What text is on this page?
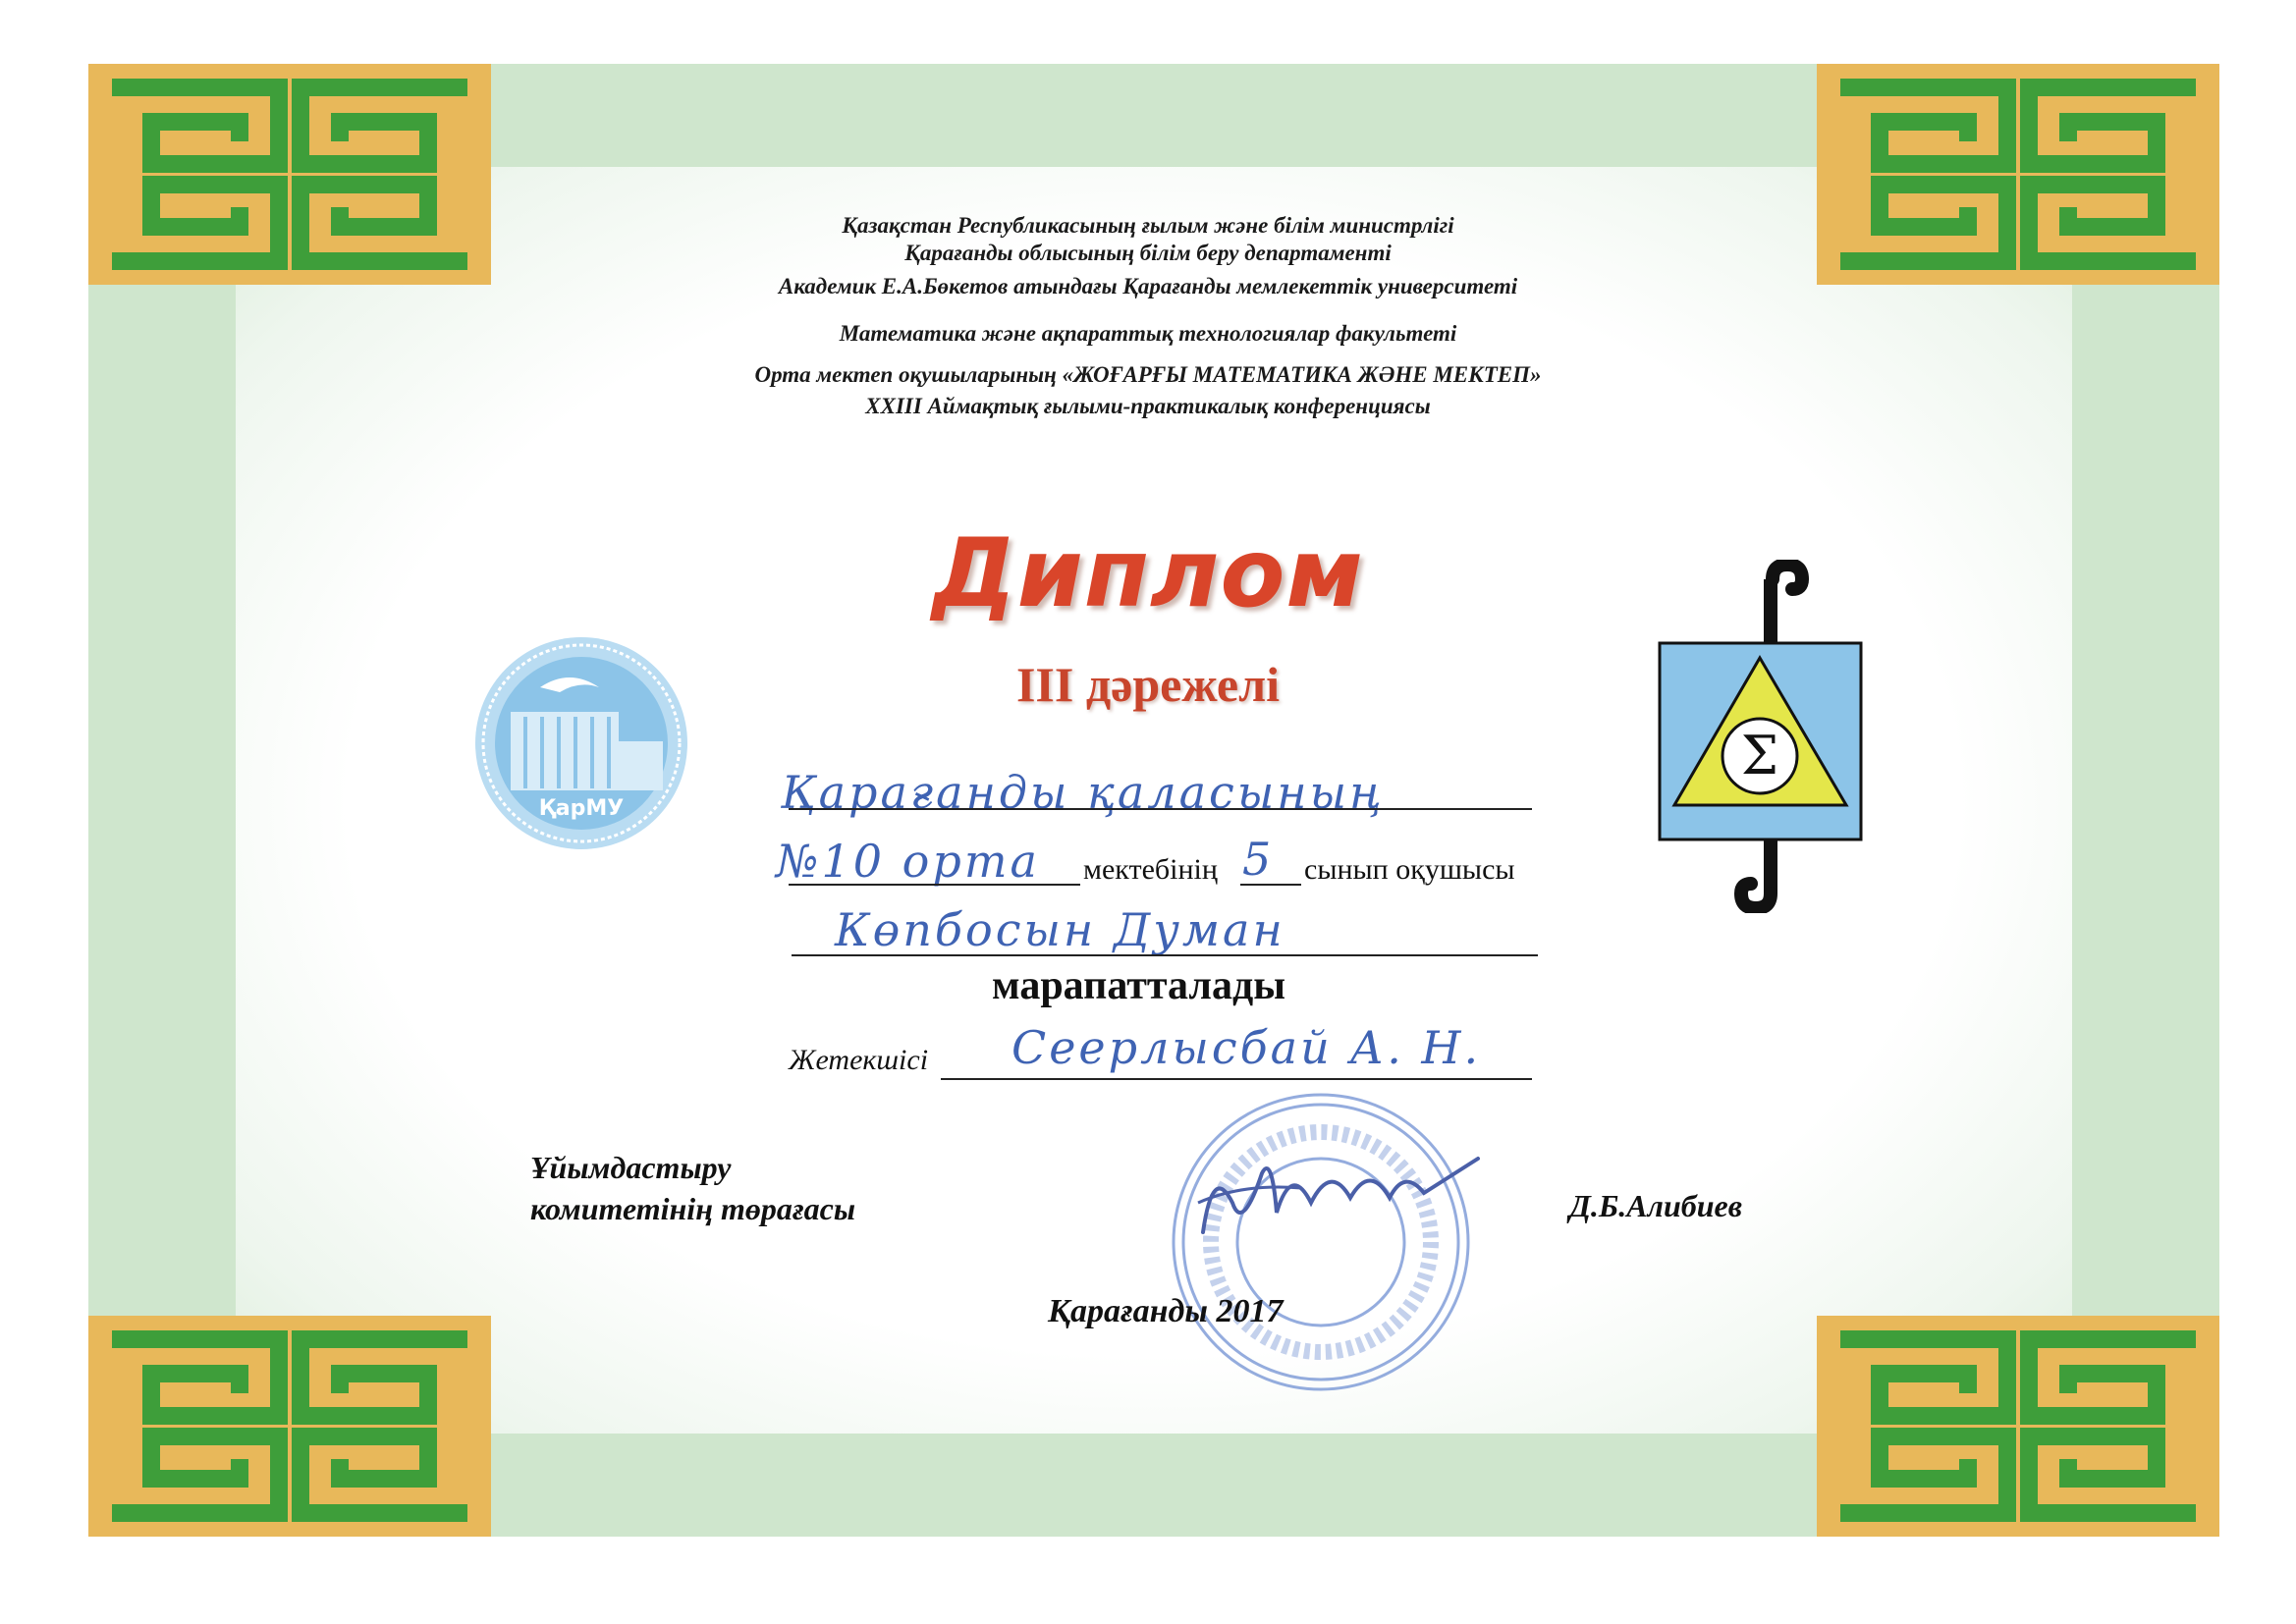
Қазақстан Республикасының ғылым және білім министрлігі
Қарағанды облысының білім беру департаменті
Академик Е.А.Бөкетов атындағы Қарағанды мемлекеттік университеті
Математика және ақпараттық технологиялар факультеті
Орта мектеп оқушыларының «ЖОҒАРҒЫ МАТЕМАТИКА ЖӘНЕ МЕКТЕП»
XXIII Аймақтық ғылыми-практикалық конференциясы
Диплом
III дәрежелі
ҚарМУ
Σ
Қарағанды қаласының
№10 орта мектебінің 5 сынып оқушысы
Көпбосын Думан
марапатталады
Жетекшісі Сеерлысбай А. Н.
Ұйымдастыру
комитетінің төрағасы	Д.Б.Алибиев
Қарағанды 2017
